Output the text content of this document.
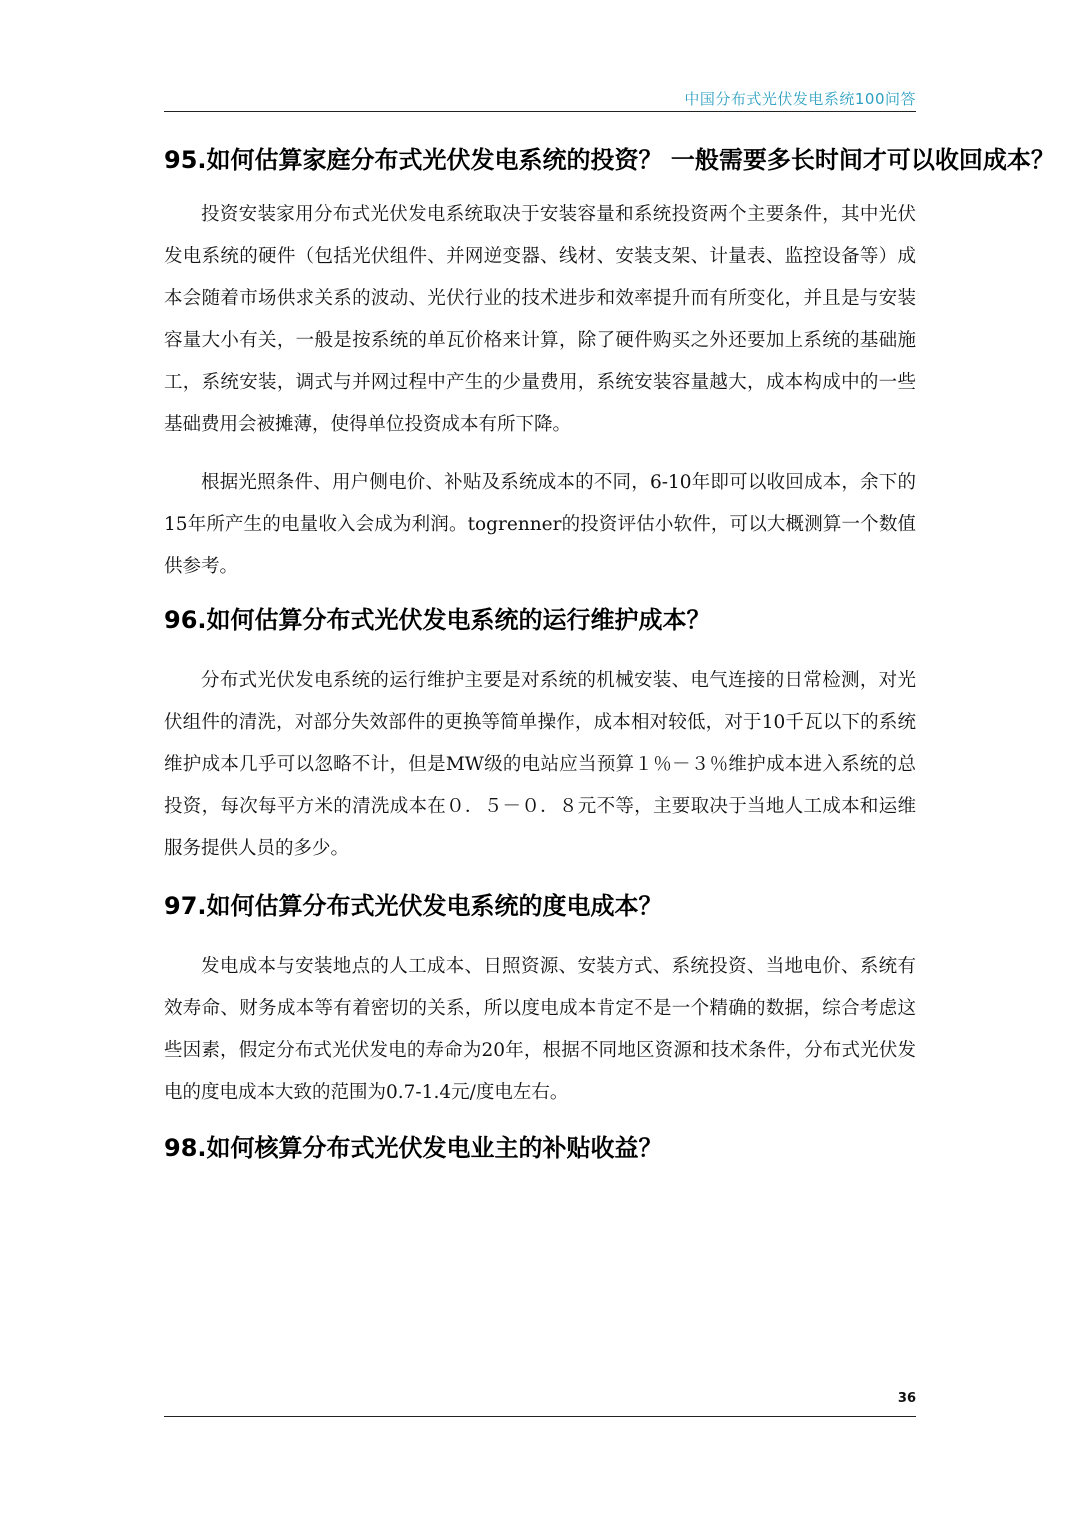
中国分布式光伏发电系统100问答
95.如何估算家庭分布式光伏发电系统的投资？ 一般需要多长时间才可以收回成本？

投资安装家用分布式光伏发电系统取决于安装容量和系统投资两个主要条件，其中光伏发电系统的硬件（包括光伏组件、并网逆变器、线材、安装支架、计量表、监控设备等）成本会随着市场供求关系的波动、光伏行业的技术进步和效率提升而有所变化，并且是与安装容量大小有关，一般是按系统的单瓦价格来计算，除了硬件购买之外还要加上系统的基础施工，系统安装，调式与并网过程中产生的少量费用，系统安装容量越大，成本构成中的一些基础费用会被摊薄，使得单位投资成本有所下降。

根据光照条件、用户侧电价、补贴及系统成本的不同，6-10年即可以收回成本，余下的15年所产生的电量收入会成为利润。togrenner的投资评估小软件，可以大概测算一个数值供参考。

96.如何估算分布式光伏发电系统的运行维护成本？

分布式光伏发电系统的运行维护主要是对系统的机械安装、电气连接的日常检测，对光伏组件的清洗，对部分失效部件的更换等简单操作，成本相对较低，对于10千瓦以下的系统维护成本几乎可以忽略不计，但是MW级的电站应当预算１％－３％维护成本进入系统的总投资，每次每平方米的清洗成本在０．５－０．８元不等，主要取决于当地人工成本和运维服务提供人员的多少。

97.如何估算分布式光伏发电系统的度电成本？

发电成本与安装地点的人工成本、日照资源、安装方式、系统投资、当地电价、系统有效寿命、财务成本等有着密切的关系，所以度电成本肯定不是一个精确的数据，综合考虑这些因素，假定分布式光伏发电的寿命为20年，根据不同地区资源和技术条件，分布式光伏发电的度电成本大致的范围为0.7-1.4元/度电左右。

98.如何核算分布式光伏发电业主的补贴收益？
36
